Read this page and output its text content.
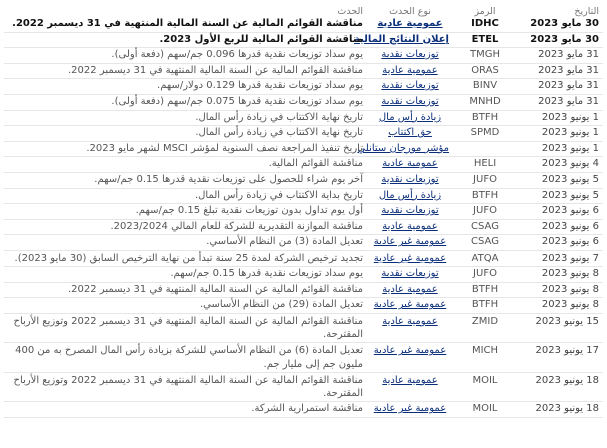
التاريخ	الرمز	نوع الحدث	الحدث
30 مايو 2023	IDHC	عمومية عادية	مناقشة القوائم المالية عن السنة المالية المنتهية في 31 ديسمبر 2022.
30 مايو 2023	ETEL	إعلان النتائج المالية	مناقشة القوائم المالية للربع الأول 2023.
31 مايو 2023	TMGH	توزيعات نقدية	يوم سداد توزيعات نقدية قدرها 0.096 جم/سهم (دفعة أولى).
31 مايو 2023	ORAS	عمومية عادية	مناقشة القوائم المالية عن السنة المالية المنتهية في 31 ديسمبر 2022.
31 مايو 2023	BINV	توزيعات نقدية	يوم سداد توزيعات نقدية قدرها 0.129 دولار/سهم.
31 مايو 2023	MNHD	توزيعات نقدية	يوم سداد توزيعات نقدية قدرها 0.075 جم/سهم (دفعة أولى).
1 يونيو 2023	BTFH	زيادة رأس مال	تاريخ نهاية الاكتتاب في زيادة رأس المال.
1 يونيو 2023	SPMD	حق اكتتاب	تاريخ نهاية الاكتتاب في زيادة رأس المال.
1 يونيو 2023		مؤشر مورجان ستانلي	تاريخ تنفيذ المراجعة نصف السنوية لمؤشر MSCI لشهر مايو 2023.
4 يونيو 2023	HELI	عمومية عادية	مناقشة القوائم المالية.
5 يونيو 2023	JUFO	توزيعات نقدية	آخر يوم شراء للحصول على توزيعات نقدية قدرها 0.15 جم/سهم.
5 يونيو 2023	BTFH	زيادة رأس مال	تاريخ بداية الاكتتاب في زيادة رأس المال.
6 يونيو 2023	JUFO	توزيعات نقدية	أول يوم تداول بدون توزيعات نقدية تبلغ 0.15 جم/سهم.
6 يونيو 2023	CSAG	عمومية عادية	مناقشة الموازنة التقديرية للشركة للعام المالي 2023/2024.
6 يونيو 2023	CSAG	عمومية غير عادية	تعديل المادة (3) من النظام الأساسي.
7 يونيو 2023	ATQA	عمومية غير عادية	تجديد ترخيص الشركة لمدة 25 سنة تبدأ من نهاية الترخيص السابق (30 مايو 2023).
8 يونيو 2023	JUFO	توزيعات نقدية	يوم سداد توزيعات نقدية قدرها 0.15 جم/سهم.
8 يونيو 2023	BTFH	عمومية عادية	مناقشة القوائم المالية عن السنة المالية المنتهية في 31 ديسمبر 2022.
8 يونيو 2023	BTFH	عمومية غير عادية	تعديل المادة (29) من النظام الأساسي.
15 يونيو 2023	ZMID	عمومية عادية	مناقشة القوائم المالية عن السنة المالية المنتهية في 31 ديسمبر 2022 وتوزيع الأرباح المقترحة.
17 يونيو 2023	MICH	عمومية غير عادية	تعديل المادة (6) من النظام الأساسي للشركة بزيادة رأس المال المصرح به من 400 مليون جم إلى مليار جم.
18 يونيو 2023	MOIL	عمومية عادية	مناقشة القوائم المالية عن السنة المالية المنتهية في 31 ديسمبر 2022 وتوزيع الأرباح المقترحة.
18 يونيو 2023	MOIL	عمومية غير عادية	مناقشة استمرارية الشركة.
